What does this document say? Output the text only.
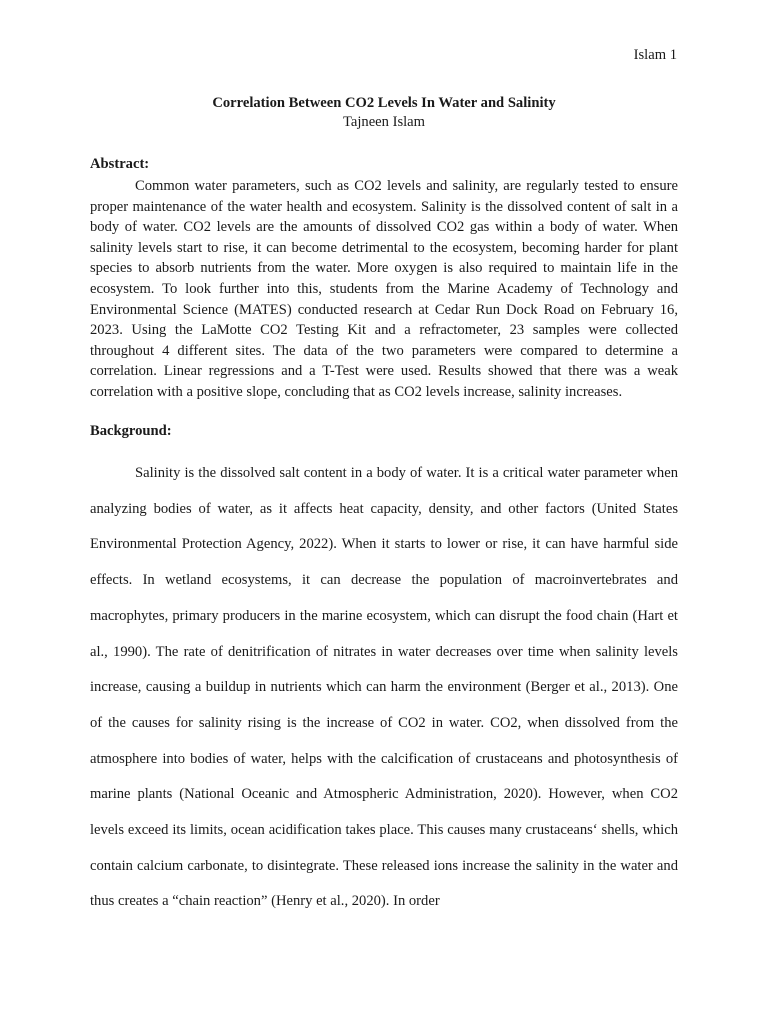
Islam 1
Correlation Between CO2 Levels In Water and Salinity
Tajneen Islam
Abstract:

Common water parameters, such as CO2 levels and salinity, are regularly tested to ensure proper maintenance of the water health and ecosystem. Salinity is the dissolved content of salt in a body of water. CO2 levels are the amounts of dissolved CO2 gas within a body of water. When salinity levels start to rise, it can become detrimental to the ecosystem, becoming harder for plant species to absorb nutrients from the water. More oxygen is also required to maintain life in the ecosystem. To look further into this, students from the Marine Academy of Technology and Environmental Science (MATES) conducted research at Cedar Run Dock Road on February 16, 2023. Using the LaMotte CO2 Testing Kit and a refractometer, 23 samples were collected throughout 4 different sites. The data of the two parameters were compared to determine a correlation. Linear regressions and a T-Test were used. Results showed that there was a weak correlation with a positive slope, concluding that as CO2 levels increase, salinity increases.

Background:

Salinity is the dissolved salt content in a body of water. It is a critical water parameter when analyzing bodies of water, as it affects heat capacity, density, and other factors (United States Environmental Protection Agency, 2022). When it starts to lower or rise, it can have harmful side effects. In wetland ecosystems, it can decrease the population of macroinvertebrates and macrophytes, primary producers in the marine ecosystem, which can disrupt the food chain (Hart et al., 1990). The rate of denitrification of nitrates in water decreases over time when salinity levels increase, causing a buildup in nutrients which can harm the environment (Berger et al., 2013). One of the causes for salinity rising is the increase of CO2 in water. CO2, when dissolved from the atmosphere into bodies of water, helps with the calcification of crustaceans and photosynthesis of marine plants (National Oceanic and Atmospheric Administration, 2020). However, when CO2 levels exceed its limits, ocean acidification takes place. This causes many crustaceans‘ shells, which contain calcium carbonate, to disintegrate. These released ions increase the salinity in the water and thus creates a “chain reaction” (Henry et al., 2020). In order
